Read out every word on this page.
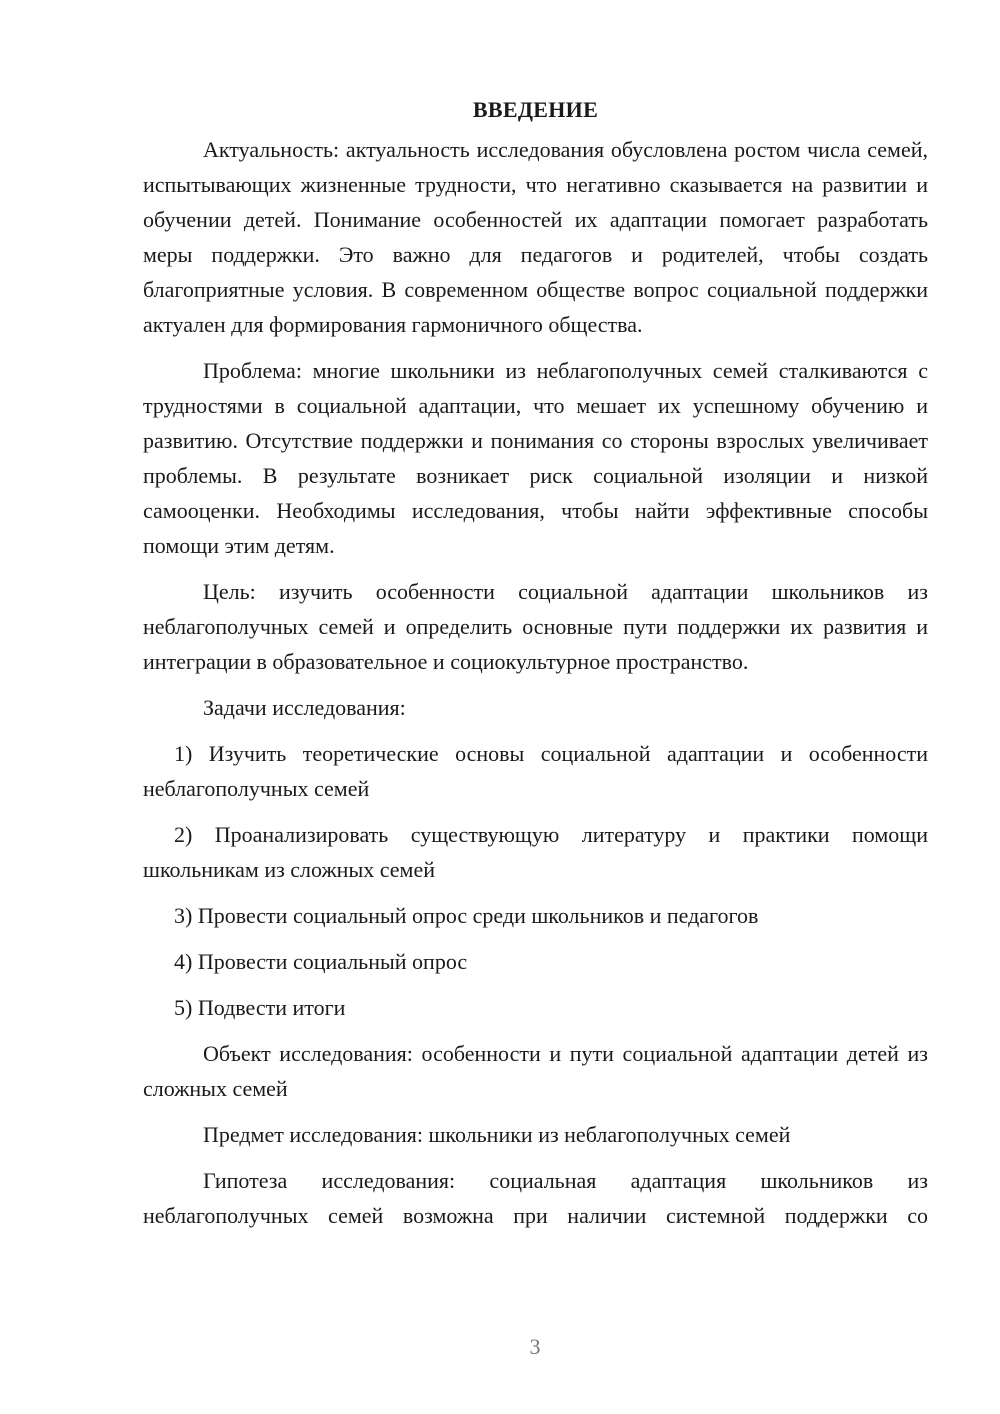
ВВЕДЕНИЕ

Актуальность: актуальность исследования обусловлена ростом числа семей, испытывающих жизненные трудности, что негативно сказывается на развитии и обучении детей. Понимание особенностей их адаптации помогает разработать меры поддержки. Это важно для педагогов и родителей, чтобы создать благоприятные условия. В современном обществе вопрос социальной поддержки актуален для формирования гармоничного общества.

Проблема: многие школьники из неблагополучных семей сталкиваются с трудностями в социальной адаптации, что мешает их успешному обучению и развитию. Отсутствие поддержки и понимания со стороны взрослых увеличивает проблемы. В результате возникает риск социальной изоляции и низкой самооценки. Необходимы исследования, чтобы найти эффективные способы помощи этим детям.

Цель: изучить особенности социальной адаптации школьников из неблагополучных семей и определить основные пути поддержки их развития и интеграции в образовательное и социокультурное пространство.

Задачи исследования:

1) Изучить теоретические основы социальной адаптации и особенности неблагополучных семей

2) Проанализировать существующую литературу и практики помощи школьникам из сложных семей

3) Провести социальный опрос среди школьников и педагогов

4) Провести социальный опрос

5) Подвести итоги

Объект исследования: особенности и пути социальной адаптации детей из сложных семей

Предмет исследования: школьники из неблагополучных семей

Гипотеза исследования: социальная адаптация школьников из неблагополучных семей возможна при наличии системной поддержки со

3
